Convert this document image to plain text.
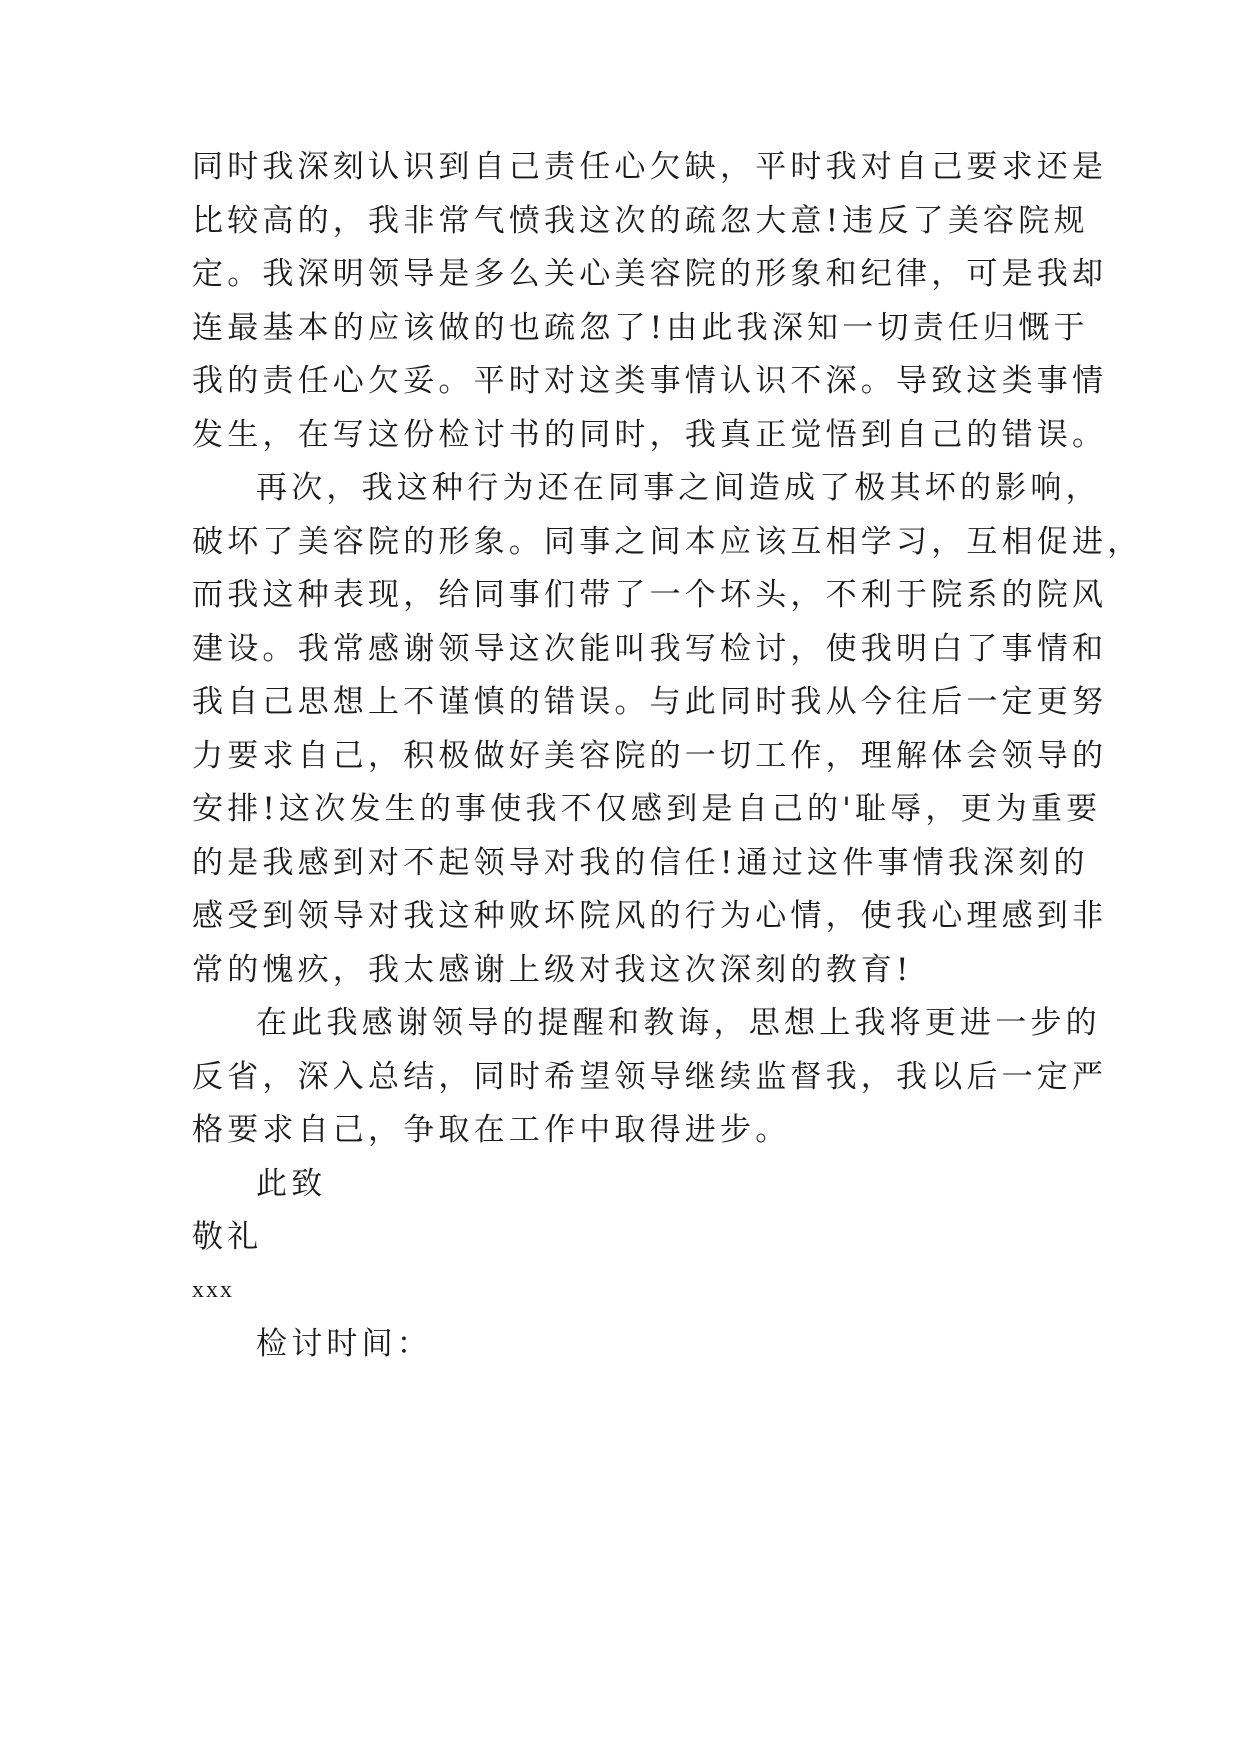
同时我深刻认识到自己责任心欠缺，平时我对自己要求还是
比较高的，我非常气愤我这次的疏忽大意!违反了美容院规
定。我深明领导是多么关心美容院的形象和纪律，可是我却
连最基本的应该做的也疏忽了!由此我深知一切责任归慨于
我的责任心欠妥。平时对这类事情认识不深。导致这类事情
发生，在写这份检讨书的同时，我真正觉悟到自己的错误。
再次，我这种行为还在同事之间造成了极其坏的影响，
破坏了美容院的形象。同事之间本应该互相学习，互相促进，
而我这种表现，给同事们带了一个坏头，不利于院系的院风
建设。我常感谢领导这次能叫我写检讨，使我明白了事情和
我自己思想上不谨慎的错误。与此同时我从今往后一定更努
力要求自己，积极做好美容院的一切工作，理解体会领导的
安排!这次发生的事使我不仅感到是自己的'耻辱，更为重要
的是我感到对不起领导对我的信任!通过这件事情我深刻的
感受到领导对我这种败坏院风的行为心情，使我心理感到非
常的愧疚，我太感谢上级对我这次深刻的教育!
在此我感谢领导的提醒和教诲，思想上我将更进一步的
反省，深入总结，同时希望领导继续监督我，我以后一定严
格要求自己，争取在工作中取得进步。
此致
敬礼
xxx
检讨时间：
